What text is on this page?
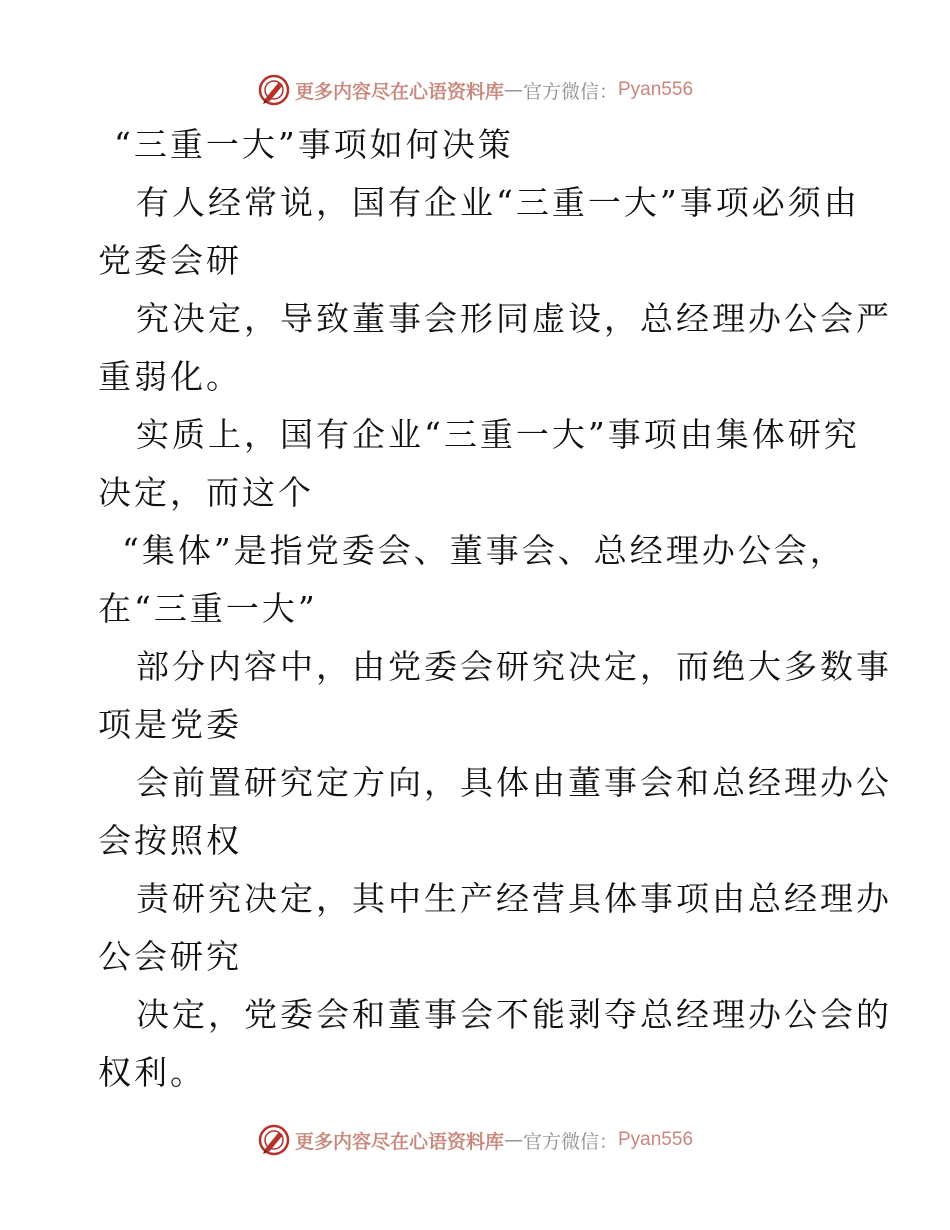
更多内容尽在心语资料库 — 官方微信： Pyan556
“三重一大”事项如何决策

有人经常说，国有企业“三重一大”事项必须由
党委会研

究决定，导致董事会形同虚设，总经理办公会严
重弱化。

实质上，国有企业“三重一大”事项由集体研究
决定，而这个

“集体”是指党委会、董事会、总经理办公会，
在“三重一大”

部分内容中，由党委会研究决定，而绝大多数事
项是党委

会前置研究定方向，具体由董事会和总经理办公
会按照权

责研究决定，其中生产经营具体事项由总经理办
公会研究

决定，党委会和董事会不能剥夺总经理办公会的
权利。

更多内容尽在心语资料库 — 官方微信： Pyan556
